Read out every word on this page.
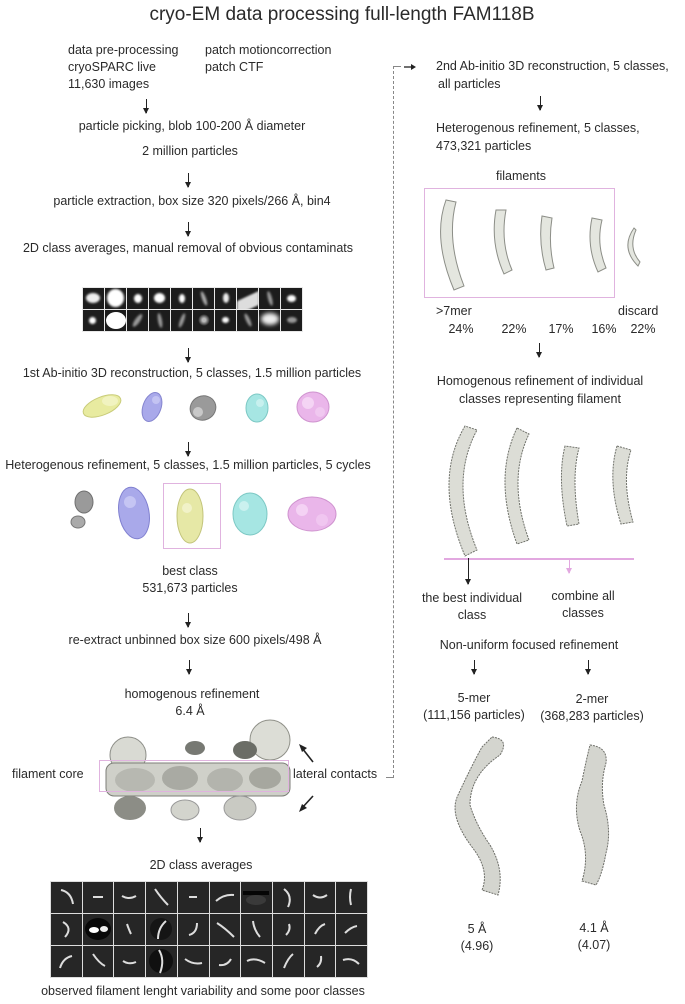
cryo-EM data processing full-length FAM118B
data pre-processing
cryoSPARC live
11,630 images
patch motioncorrection
patch CTF
particle picking, blob 100-200 Å diameter
2 million particles
particle extraction, box size 320 pixels/266 Å, bin4
2D class averages, manual removal of obvious contaminats
1st Ab-initio 3D reconstruction, 5 classes, 1.5 million particles
Heterogenous refinement, 5 classes, 1.5 million particles, 5 cycles
best class
531,673 particles
re-extract unbinned box size 600 pixels/498 Å
homogenous refinement
6.4 Å
filament core	lateral contacts
2D class averages
observed filament lenght variability and some poor classes
2nd Ab-initio 3D reconstruction, 5 classes,
all particles
Heterogenous refinement, 5 classes,
473,321 particles
filaments
>7mer	discard
24% 22% 17% 16% 22%
Homogenous refinement of individual
classes representing filament
the best individual
class
combine all
classes
Non-uniform focused refinement
5-mer
(111,156 particles)
2-mer
(368,283 particles)
5 Å
(4.96)
4.1 Å
(4.07)
